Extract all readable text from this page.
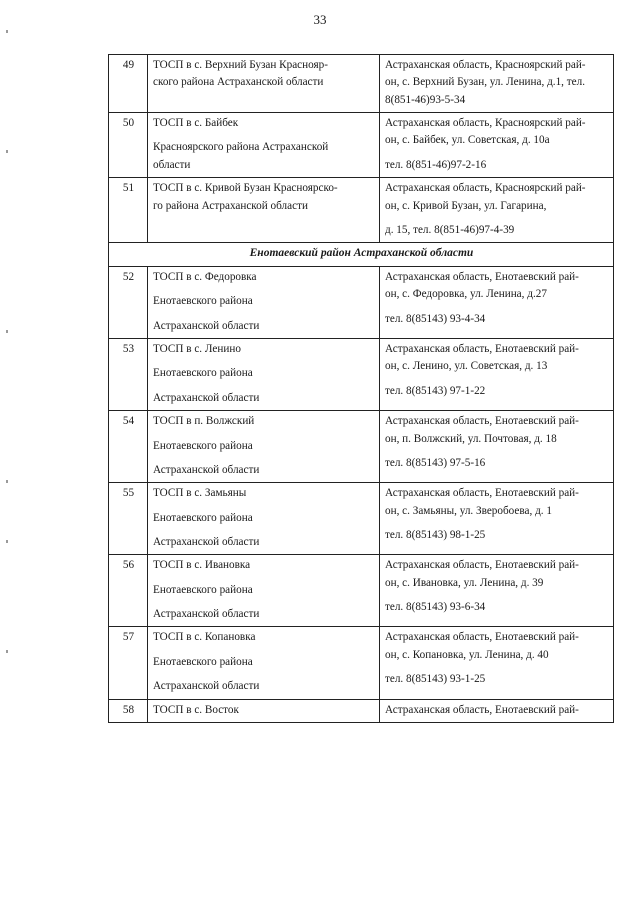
33
49	ТОСП в с. Верхний Бузан Краснояр-
ского района Астраханской области	Астраханская область, Красноярский рай-
он, с. Верхний Бузан, ул. Ленина, д.1, тел.
8(851-46)93-5-34

50	ТОСП в с. Байбек
Красноярского района Астраханской
области	Астраханская область, Красноярский рай-
он, с. Байбек, ул. Советская, д. 10а
тел. 8(851-46)97-2-16

51	ТОСП в с. Кривой Бузан Красноярско-
го района Астраханской области	Астраханская область, Красноярский рай-
он, с. Кривой Бузан, ул. Гагарина,
д. 15, тел. 8(851-46)97-4-39

Енотаевский район Астраханской области		
52	ТОСП в с. Федоровка
Енотаевского района
Астраханской области	Астраханская область, Енотаевский рай-
он, с. Федоровка, ул. Ленина, д.27
тел. 8(85143) 93-4-34

53	ТОСП в с. Ленино
Енотаевского района
Астраханской области	Астраханская область, Енотаевский рай-
он, с. Ленино, ул. Советская, д. 13
тел. 8(85143) 97-1-22

54	ТОСП в п. Волжский
Енотаевского района
Астраханской области	Астраханская область, Енотаевский рай-
он, п. Волжский, ул. Почтовая, д. 18
тел. 8(85143) 97-5-16

55	ТОСП в с. Замьяны
Енотаевского района
Астраханской области	Астраханская область, Енотаевский рай-
он, с. Замьяны, ул. Зверобоева, д. 1
тел. 8(85143) 98-1-25

56	ТОСП в с. Ивановка
Енотаевского района
Астраханской области	Астраханская область, Енотаевский рай-
он, с. Ивановка, ул. Ленина, д. 39
тел. 8(85143) 93-6-34

57	ТОСП в с. Копановка
Енотаевского района
Астраханской области	Астраханская область, Енотаевский рай-
он, с. Копановка, ул. Ленина, д. 40
тел. 8(85143) 93-1-25

58	ТОСП в с. Восток	Астраханская область, Енотаевский рай-
